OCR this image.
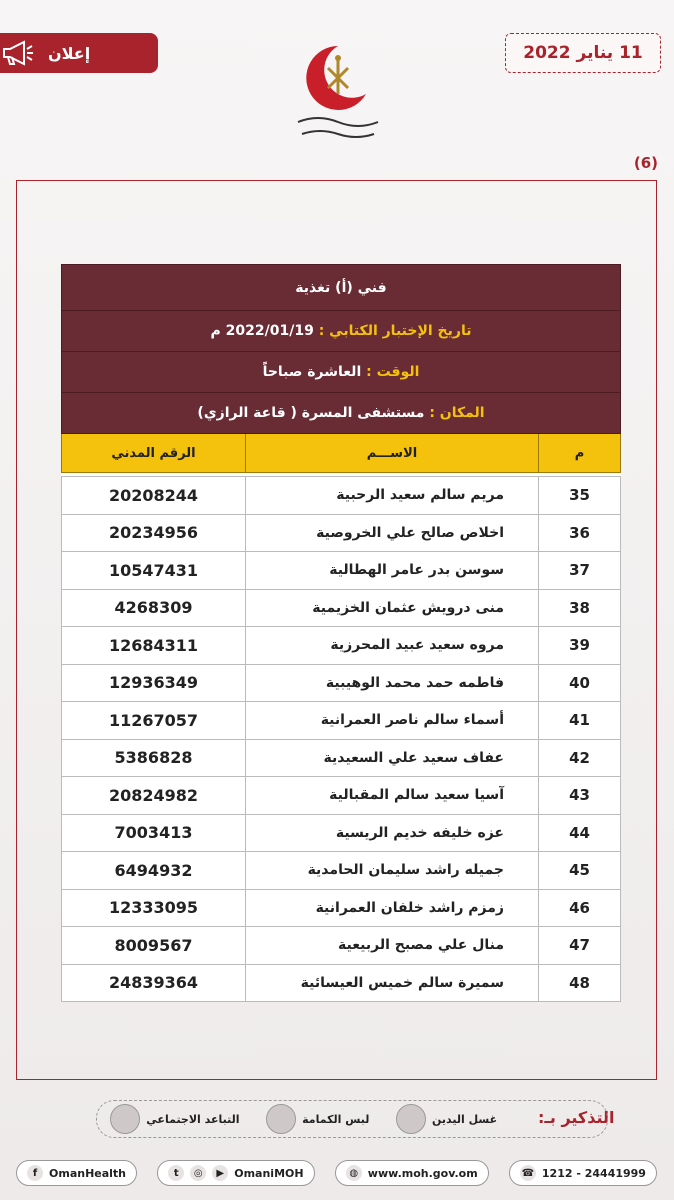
إعلان	11 يناير 2022
(6)
فني (أ) تغذية		
تاريخ الإختبار الكتابي : 2022/01/19 م		
الوقت : العاشرة صباحاً		
المكان : مستشفى المسرة ( قاعة الرازي)		
م	الاســـم	الرقم المدني

35	مريم سالم سعيد الرحبية	20208244
36	اخلاص صالح علي الخروصية	20234956
37	سوسن بدر عامر الهطالية	10547431
38	منى درويش عثمان الخزيمية	4268309
39	مروه سعيد عبيد المحرزية	12684311
40	فاطمه حمد محمد الوهيبية	12936349
41	أسماء سالم ناصر العمرانية	11267057
42	عفاف سعيد علي السعيدية	5386828
43	آسيا سعيد سالم المقبالية	20824982
44	عزه خليفه خديم الريسية	7003413
45	جميله راشد سليمان الحامدية	6494932
46	زمزم راشد خلفان العمرانية	12333095
47	منال علي مصبح الربيعية	8009567
48	سميرة سالم خميس العيسائية	24839364
التذكير بـ:
غسل اليدين
لبس الكمامة
التباعد الاجتماعي
f	OmanHealth	t	◎	▶ OmaniMOH	◍ www.moh.gov.om	☎ 1212 - 24441999
